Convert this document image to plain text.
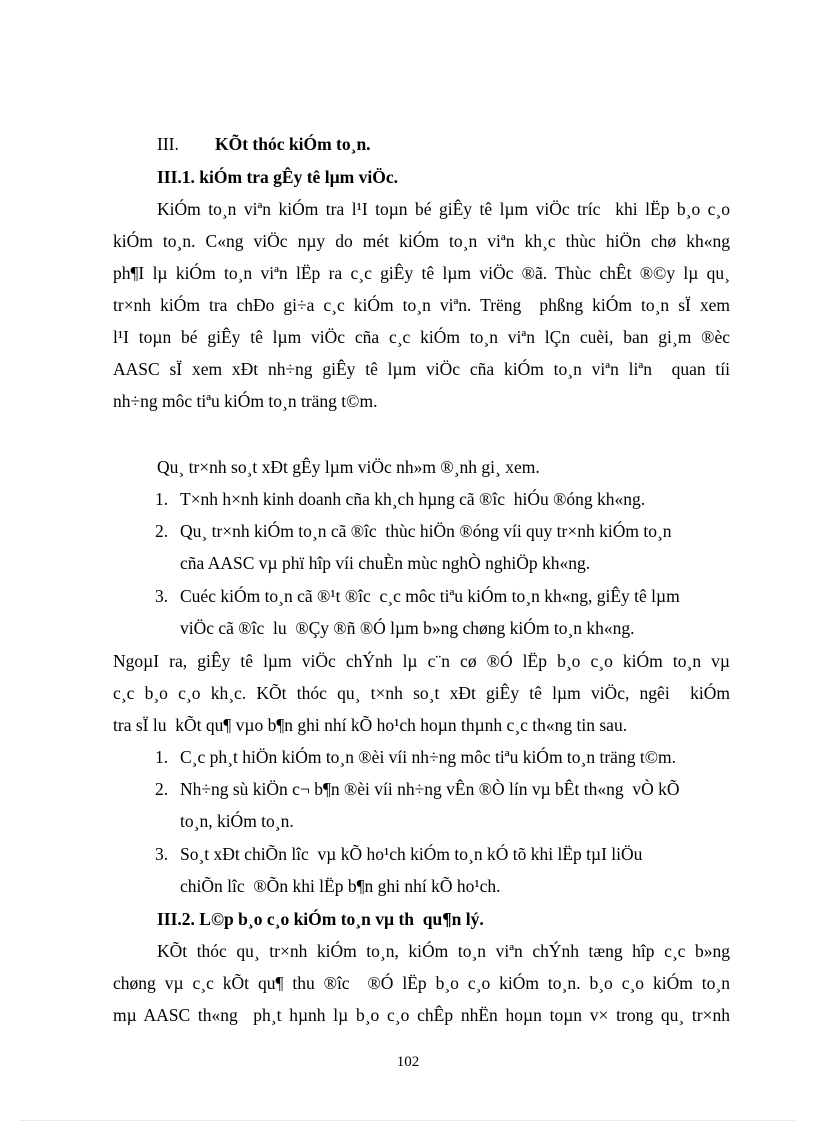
III.	KÕt thóc kiÓm to¸n.
III.1. kiÓm tra gÊy tê lµm viÖc.
KiÓm to¸n viªn kiÓm tra l¹I toµn bé giÊy tê lµm viÖc tríc  khi lËp b¸o c¸o
kiÓm to¸n. C«ng viÖc nµy do mét kiÓm to¸n viªn kh¸c thùc hiÖn chø kh«ng
ph¶I lµ kiÓm to¸n viªn lËp ra c¸c giÊy tê lµm viÖc ®ã. Thùc chÊt ®©y lµ qu¸
tr×nh kiÓm tra chÐo gi÷a c¸c kiÓm to¸n viªn. Trëng  phßng kiÓm to¸n sÏ xem
l¹I toµn bé giÊy tê lµm viÖc cña c¸c kiÓm to¸n viªn lÇn cuèi, ban gi¸m ®èc
AASC sÏ xem xÐt nh÷ng giÊy tê lµm viÖc cña kiÓm to¸n viªn liªn  quan tíi
nh÷ng môc tiªu kiÓm to¸n träng t©m.
Qu¸ tr×nh so¸t xÐt gÊy lµm viÖc nh»m ®¸nh gi¸ xem.
1. T×nh h×nh kinh doanh cña kh¸ch hµng cã ®îc  hiÓu ®óng kh«ng.
2. Qu¸ tr×nh kiÓm to¸n cã ®îc  thùc hiÖn ®óng víi quy tr×nh kiÓm to¸n
cña AASC vµ phï hîp víi chuÈn mùc nghÒ nghiÖp kh«ng.
3. Cuéc kiÓm to¸n cã ®¹t ®îc  c¸c môc tiªu kiÓm to¸n kh«ng, giÊy tê lµm
viÖc cã ®îc  lu  ®Çy ®ñ ®Ó lµm b»ng chøng kiÓm to¸n kh«ng.
NgoµI ra, giÊy tê lµm viÖc chÝnh lµ c¨n cø ®Ó lËp b¸o c¸o kiÓm to¸n vµ
c¸c b¸o c¸o kh¸c. KÕt thóc qu¸ t×nh so¸t xÐt giÊy tê lµm viÖc, ngêi  kiÓm
tra sÏ lu  kÕt qu¶ vµo b¶n ghi nhí kÕ ho¹ch hoµn thµnh c¸c th«ng tin sau.
1. C¸c ph¸t hiÖn kiÓm to¸n ®èi víi nh÷ng môc tiªu kiÓm to¸n träng t©m.
2. Nh÷ng sù kiÖn c¬ b¶n ®èi víi nh÷ng vÊn ®Ò lín vµ bÊt th«ng  vÒ kÕ
to¸n, kiÓm to¸n.
3. So¸t xÐt chiÕn lîc  vµ kÕ ho¹ch kiÓm to¸n kÓ tõ khi lËp tµI liÖu
chiÕn lîc  ®Õn khi lËp b¶n ghi nhí kÕ ho¹ch.
III.2. L©p b¸o c¸o kiÓm to¸n vµ th  qu¶n lý.
KÕt thóc qu¸ tr×nh kiÓm to¸n, kiÓm to¸n viªn chÝnh tæng hîp c¸c b»ng
chøng vµ c¸c kÕt qu¶ thu ®îc  ®Ó lËp b¸o c¸o kiÓm to¸n. b¸o c¸o kiÓm to¸n
mµ AASC th«ng  ph¸t hµnh lµ b¸o c¸o chÊp nhËn hoµn toµn v× trong qu¸ tr×nh
102
